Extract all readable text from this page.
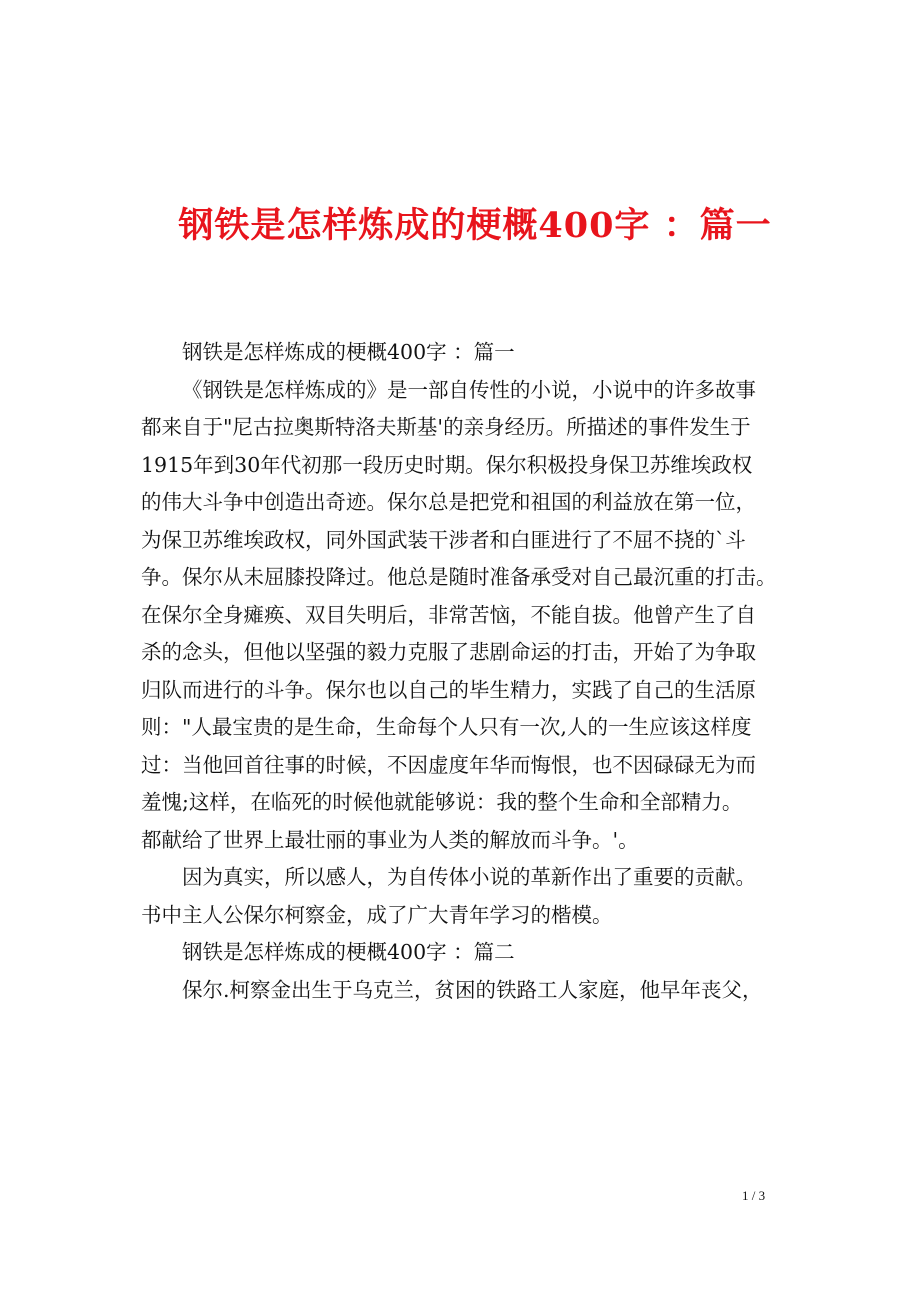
钢铁是怎样炼成的梗概400字 ：篇一
钢铁是怎样炼成的梗概400字 ：篇一
《钢铁是怎样炼成的》是一部自传性的小说，小说中的许多故事
都来自于"尼古拉奥斯特洛夫斯基'的亲身经历。所描述的事件发生于
1915年到30年代初那一段历史时期。保尔积极投身保卫苏维埃政权
的伟大斗争中创造出奇迹。保尔总是把党和祖国的利益放在第一位，
为保卫苏维埃政权，同外国武装干涉者和白匪进行了不屈不挠的`斗
争。保尔从未屈膝投降过。他总是随时准备承受对自己最沉重的打击。
在保尔全身瘫痪、双目失明后，非常苦恼，不能自拔。他曾产生了自
杀的念头，但他以坚强的毅力克服了悲剧命运的打击，开始了为争取
归队而进行的斗争。保尔也以自己的毕生精力，实践了自己的生活原
则："人最宝贵的是生命，生命每个人只有一次,人的一生应该这样度
过：当他回首往事的时候，不因虚度年华而悔恨，也不因碌碌无为而
羞愧;这样，在临死的时候他就能够说：我的整个生命和全部精力。
都献给了世界上最壮丽的事业为人类的解放而斗争。'。
因为真实，所以感人，为自传体小说的革新作出了重要的贡献。
书中主人公保尔柯察金，成了广大青年学习的楷模。
钢铁是怎样炼成的梗概400字 ：篇二
保尔.柯察金出生于乌克兰，贫困的铁路工人家庭，他早年丧父，
1 / 3
